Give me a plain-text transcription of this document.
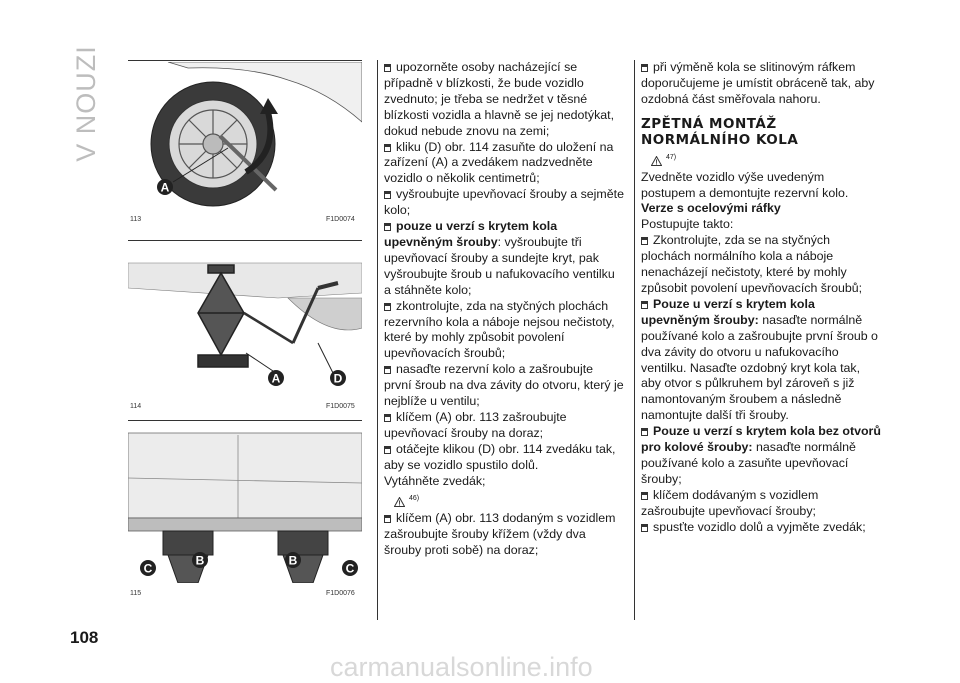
V NOUZI
A
113	F1D0074
A	D
114	F1D0075
C
B	B
C
115	F1D0076

upozorněte osoby nacházející se případně v blízkosti, že bude vozidlo zvednuto; je třeba se nedržet v těsné blízkosti vozidla a hlavně se jej nedotýkat, dokud nebude znovu na zemi;

kliku (D) obr. 114 zasuňte do uložení na zařízení (A) a zvedákem nadzvedněte vozidlo o několik centimetrů;

vyšroubujte upevňovací šrouby a sejměte kolo;

pouze u verzí s krytem kola upevněným šrouby: vyšroubujte tři upevňovací šrouby a sundejte kryt, pak vyšroubujte šroub u nafukovacího ventilku a stáhněte kolo;

zkontrolujte, zda na styčných plochách rezervního kola a náboje nejsou nečistoty, které by mohly způsobit povolení upevňovacích šroubů;

nasaďte rezervní kolo a zašroubujte první šroub na dva závity do otvoru, který je nejblíže u ventilu;

klíčem (A) obr. 113 zašroubujte upevňovací šrouby na doraz;

otáčejte klikou (D) obr. 114 zvedáku tak, aby se vozidlo spustilo dolů.

Vytáhněte zvedák;

!
46)

klíčem (A) obr. 113 dodaným s vozidlem zašroubujte šrouby křížem (vždy dva šrouby proti sobě) na doraz;

při výměně kola se slitinovým ráfkem doporučujeme je umístit obráceně tak, aby ozdobná část směřovala nahoru.

ZPĚTNÁ MONTÁŽ
NORMÁLNÍHO KOLA
!
47)

Zvedněte vozidlo výše uvedeným postupem a demontujte rezervní kolo.

Verze s ocelovými ráfky

Postupujte takto:

Zkontrolujte, zda se na styčných plochách normálního kola a náboje nenacházejí nečistoty, které by mohly způsobit povolení upevňovacích šroubů;

Pouze u verzí s krytem kola upevněným šrouby: nasaďte normálně používané kolo a zašroubujte první šroub o dva závity do otvoru u nafukovacího ventilku. Nasaďte ozdobný kryt kola tak, aby otvor s půlkruhem byl zároveň s již namontovaným šroubem a následně namontujte další tři šrouby.

Pouze u verzí s krytem kola bez otvorů pro kolové šrouby: nasaďte normálně používané kolo a zasuňte upevňovací šrouby;

klíčem dodávaným s vozidlem zašroubujte upevňovací šrouby;

spusťte vozidlo dolů a vyjměte zvedák;

108
carmanualsonline.info
